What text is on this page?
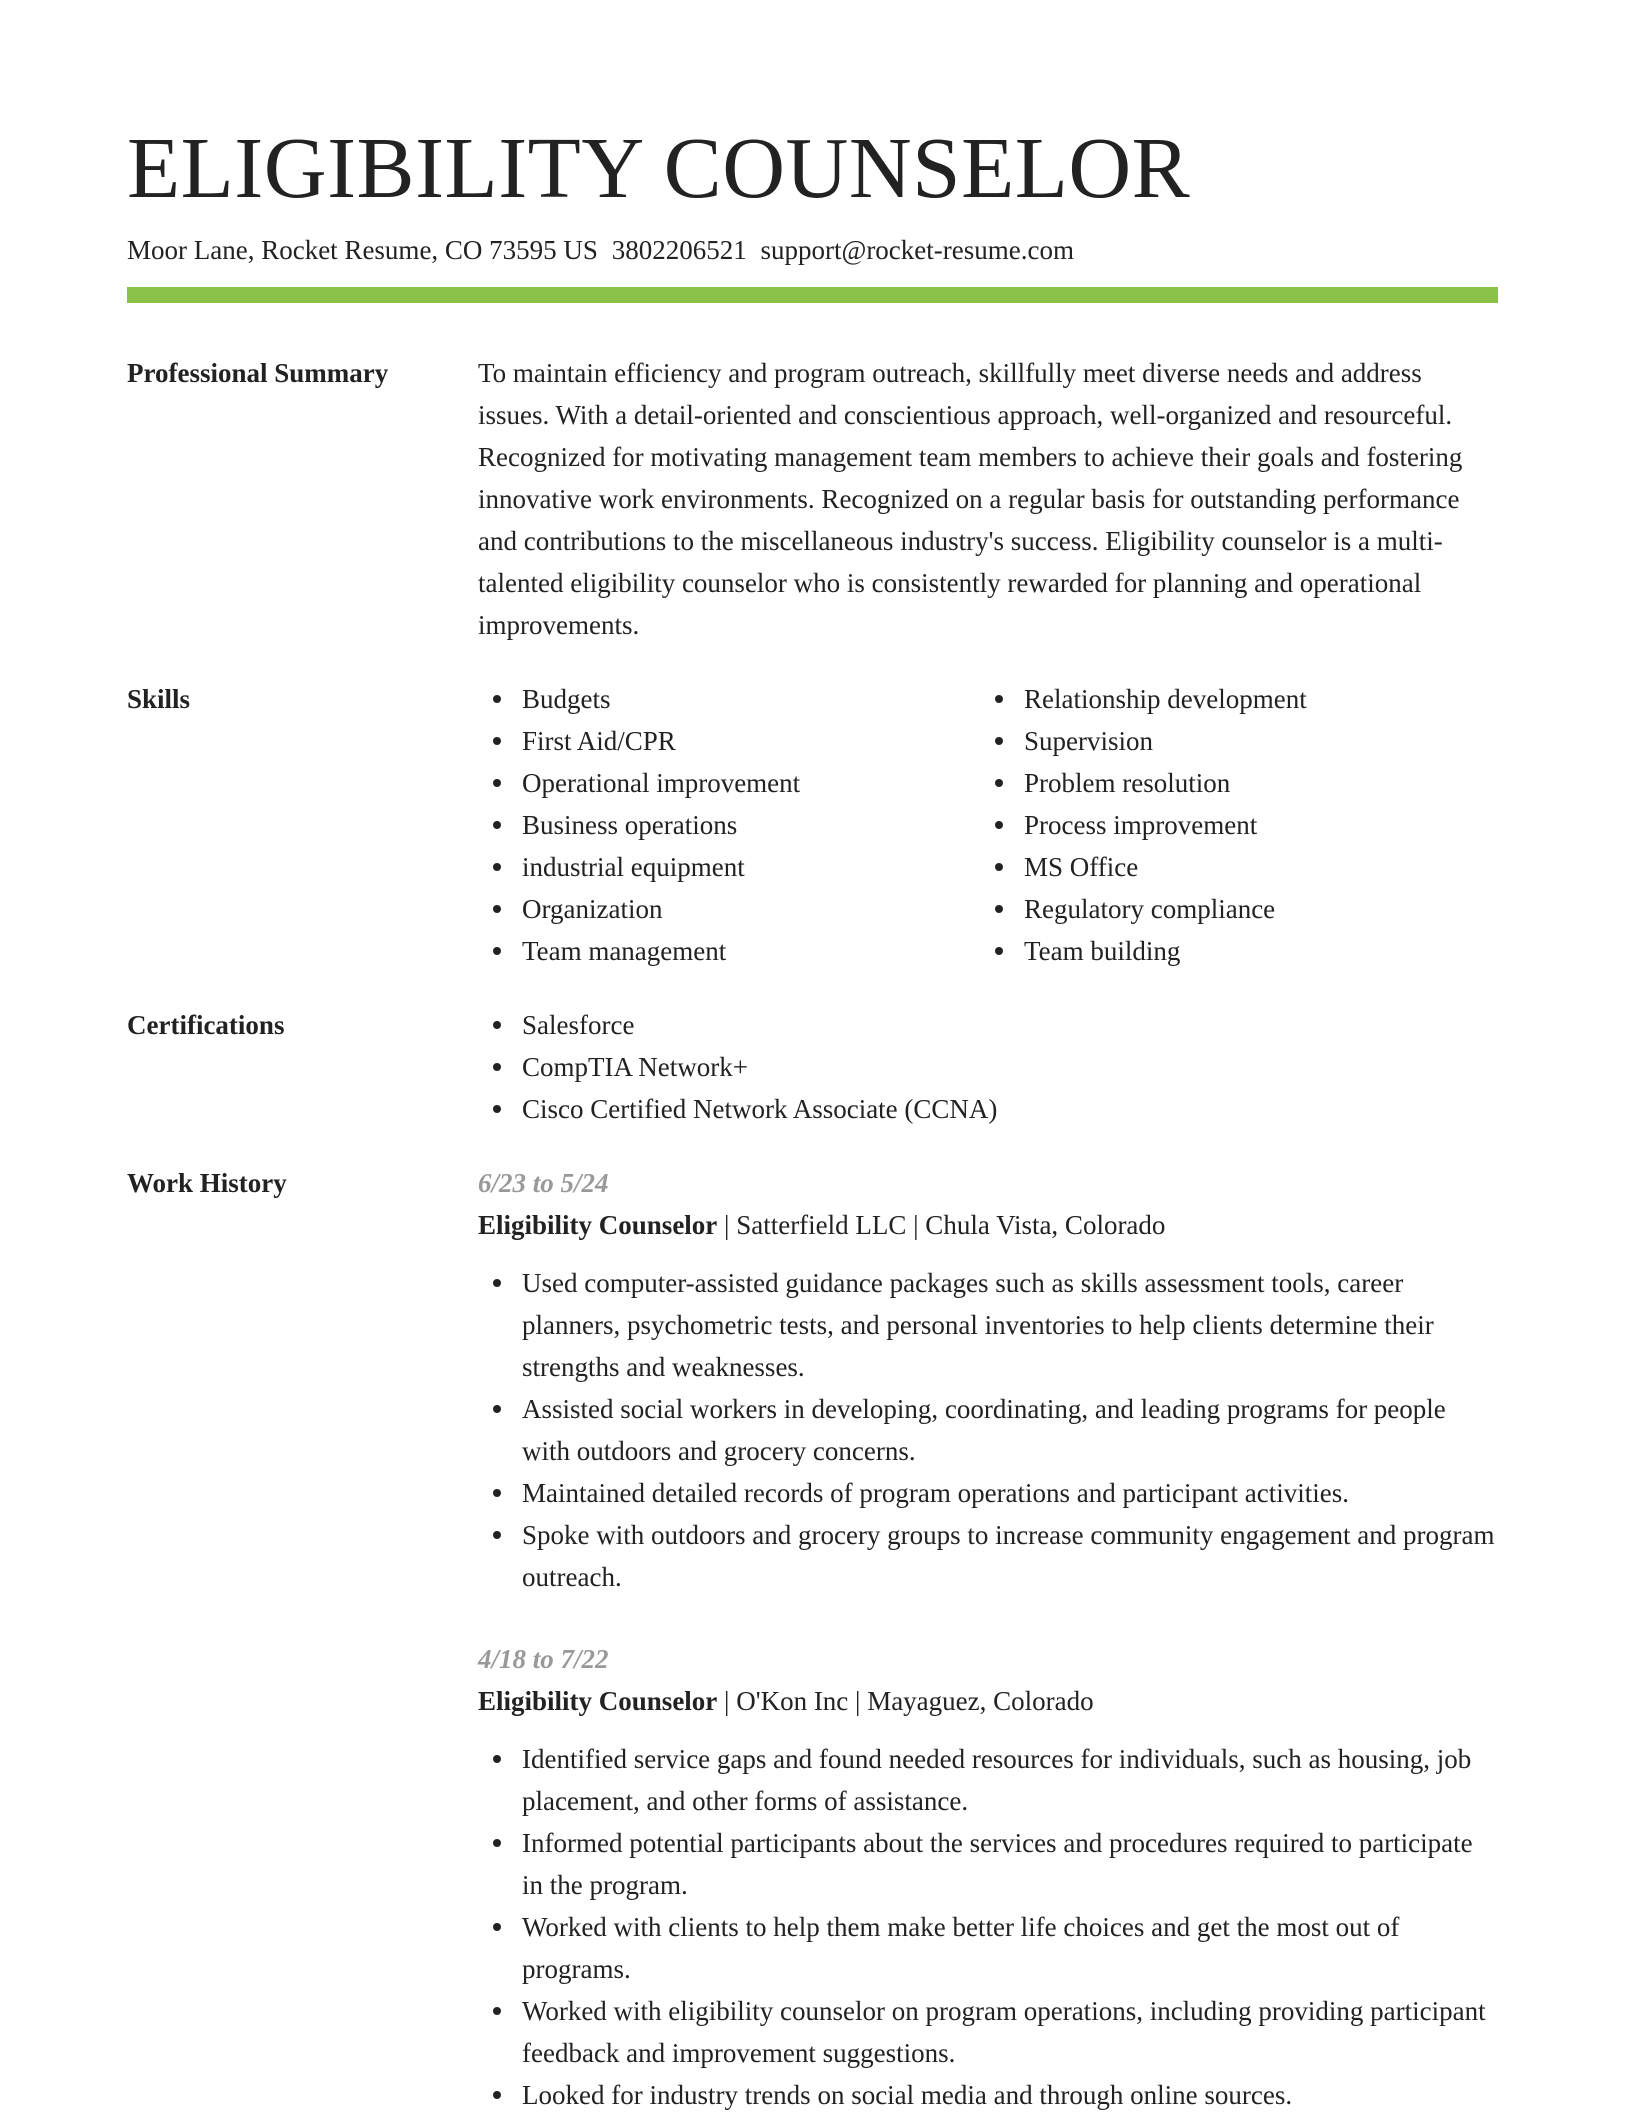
ELIGIBILITY COUNSELOR
Moor Lane, Rocket Resume, CO 73595 US 3802206521 support@rocket-resume.com
Professional Summary	To maintain efficiency and program outreach, skillfully meet diverse needs and address issues. With a detail-oriented and conscientious approach, well-organized and resourceful. Recognized for motivating management team members to achieve their goals and fostering innovative work environments. Recognized on a regular basis for outstanding performance and contributions to the miscellaneous industry's success. Eligibility counselor is a multi-talented eligibility counselor who is consistently rewarded for planning and operational improvements.
Skills	Budgets
First Aid/CPR
Operational improvement
Business operations
industrial equipment
Organization
Team management
Relationship development
Supervision
Problem resolution
Process improvement
MS Office
Regulatory compliance
Team building
Certifications	Salesforce
CompTIA Network+
Cisco Certified Network Associate (CCNA)
Work History	6/23 to 5/24
Eligibility Counselor | Satterfield LLC | Chula Vista, Colorado
Used computer-assisted guidance packages such as skills assessment tools, career planners, psychometric tests, and personal inventories to help clients determine their strengths and weaknesses.
Assisted social workers in developing, coordinating, and leading programs for people with outdoors and grocery concerns.
Maintained detailed records of program operations and participant activities.
Spoke with outdoors and grocery groups to increase community engagement and program outreach.
4/18 to 7/22
Eligibility Counselor | O'Kon Inc | Mayaguez, Colorado
Identified service gaps and found needed resources for individuals, such as housing, job placement, and other forms of assistance.
Informed potential participants about the services and procedures required to participate in the program.
Worked with clients to help them make better life choices and get the most out of programs.
Worked with eligibility counselor on program operations, including providing participant feedback and improvement suggestions.
Looked for industry trends on social media and through online sources.
